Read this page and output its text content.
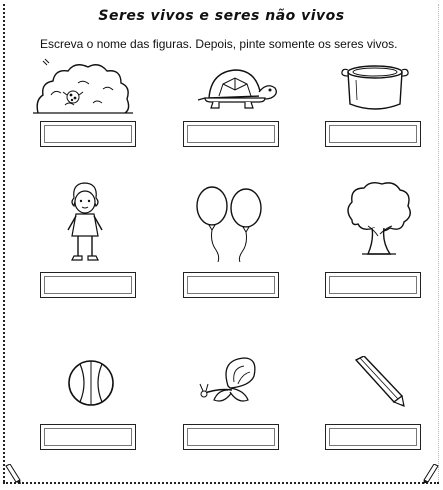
Seres vivos e seres não vivos
Escreva o nome das figuras. Depois, pinte somente os seres vivos.
